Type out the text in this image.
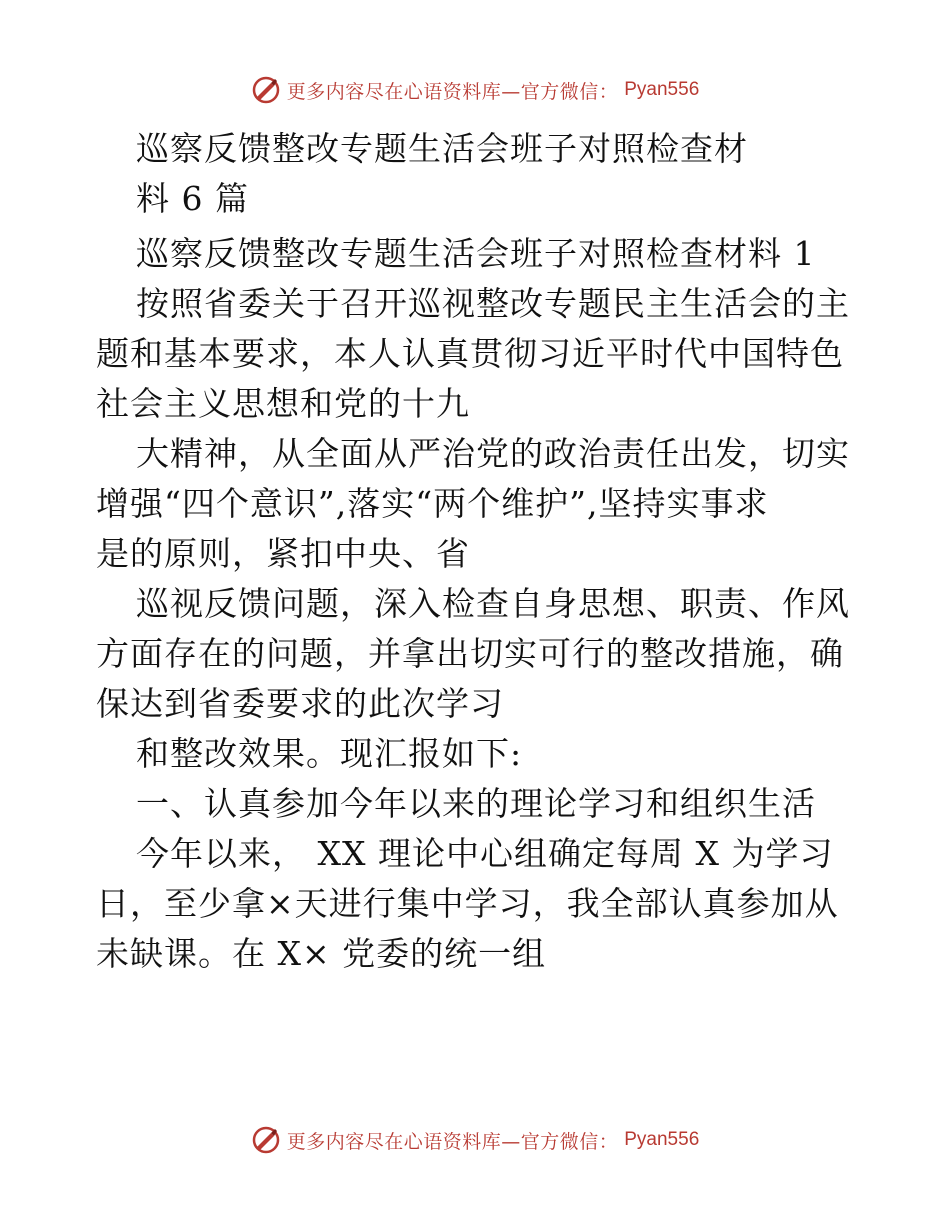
更多内容尽在心语资料库—官方微信： Pyan556
巡察反馈整改专题生活会班子对照检查材
料 6 篇
巡察反馈整改专题生活会班子对照检查材料 1
按照省委关于召开巡视整改专题民主生活会的主
题和基本要求，本人认真贯彻习近平时代中国特色
社会主义思想和党的十九
大精神，从全面从严治党的政治责任出发，切实
增强“四个意识”,落实“两个维护”,坚持实事求
是的原则，紧扣中央、省
巡视反馈问题，深入检查自身思想、职责、作风
方面存在的问题，并拿出切实可行的整改措施，确
保达到省委要求的此次学习
和整改效果。现汇报如下:
一、认真参加今年以来的理论学习和组织生活
今年以来， XX 理论中心组确定每周 X 为学习
日，至少拿×天进行集中学习，我全部认真参加从
未缺课。在 X× 党委的统一组
更多内容尽在心语资料库—官方微信： Pyan556
